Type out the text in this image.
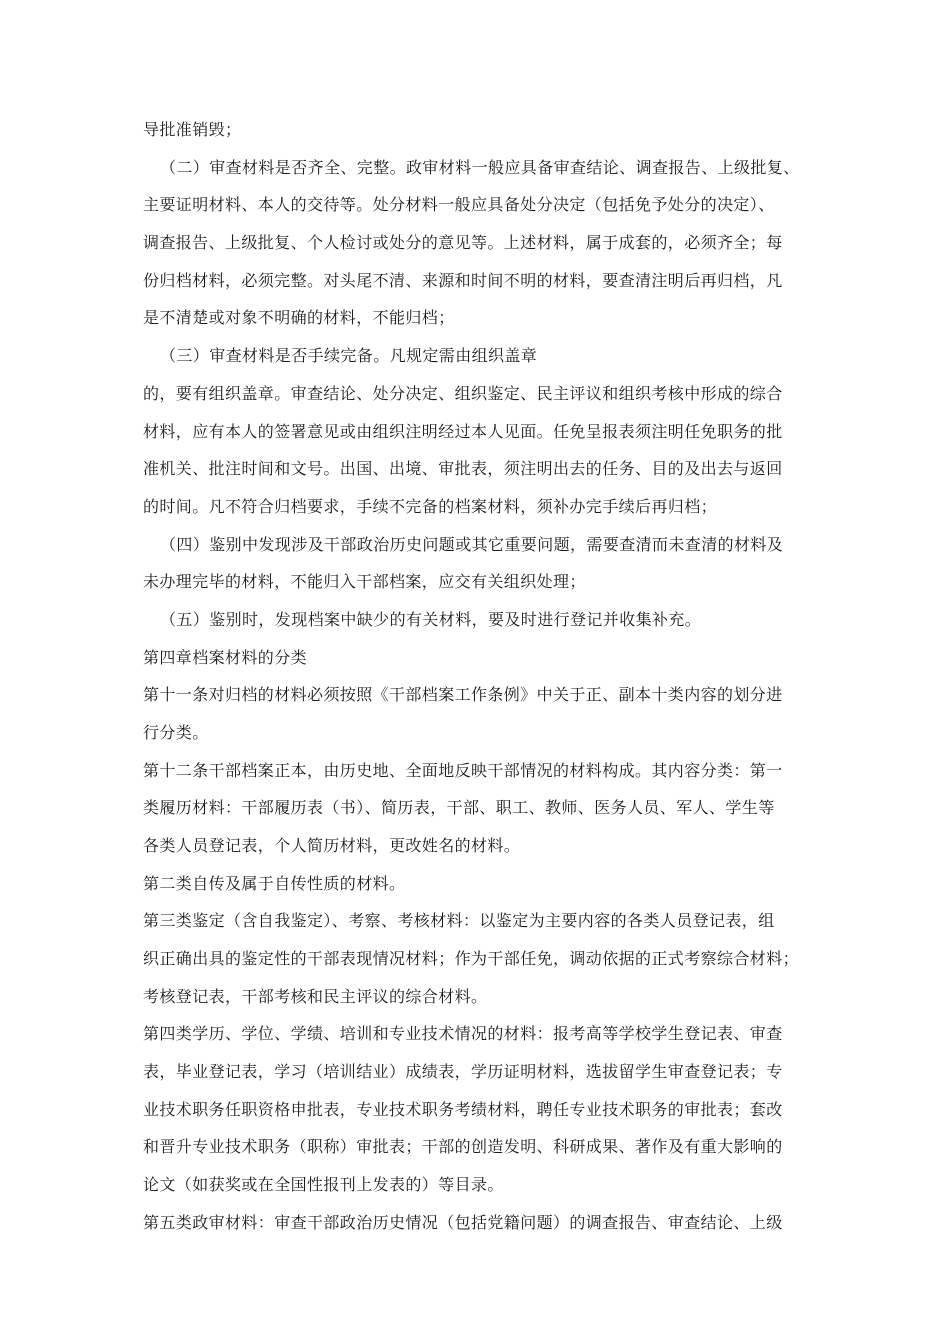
导批准销毁；
（二）审查材料是否齐全、完整。政审材料一般应具备审查结论、调查报告、上级批复、
主要证明材料、本人的交待等。处分材料一般应具备处分决定（包括免予处分的决定）、
调查报告、上级批复、个人检讨或处分的意见等。上述材料，属于成套的，必须齐全；每
份归档材料，必须完整。对头尾不清、来源和时间不明的材料，要查清注明后再归档，凡
是不清楚或对象不明确的材料，不能归档；
（三）审查材料是否手续完备。凡规定需由组织盖章
的，要有组织盖章。审查结论、处分决定、组织鉴定、民主评议和组织考核中形成的综合
材料，应有本人的签署意见或由组织注明经过本人见面。任免呈报表须注明任免职务的批
准机关、批注时间和文号。出国、出境、审批表，须注明出去的任务、目的及出去与返回
的时间。凡不符合归档要求，手续不完备的档案材料，须补办完手续后再归档；
（四）鉴别中发现涉及干部政治历史问题或其它重要问题，需要查清而未查清的材料及
未办理完毕的材料，不能归入干部档案，应交有关组织处理；
（五）鉴别时，发现档案中缺少的有关材料，要及时进行登记并收集补充。
第四章档案材料的分类
第十一条对归档的材料必须按照《干部档案工作条例》中关于正、副本十类内容的划分进
行分类。
第十二条干部档案正本，由历史地、全面地反映干部情况的材料构成。其内容分类：第一
类履历材料：干部履历表（书）、简历表，干部、职工、教师、医务人员、军人、学生等
各类人员登记表，个人简历材料，更改姓名的材料。
第二类自传及属于自传性质的材料。
第三类鉴定（含自我鉴定）、考察、考核材料：以鉴定为主要内容的各类人员登记表，组
织正确出具的鉴定性的干部表现情况材料；作为干部任免，调动依据的正式考察综合材料；
考核登记表，干部考核和民主评议的综合材料。
第四类学历、学位、学绩、培训和专业技术情况的材料：报考高等学校学生登记表、审查
表，毕业登记表，学习（培训结业）成绩表，学历证明材料，选拔留学生审查登记表；专
业技术职务任职资格申批表，专业技术职务考绩材料，聘任专业技术职务的审批表；套改
和晋升专业技术职务（职称）审批表；干部的创造发明、科研成果、著作及有重大影响的
论文（如获奖或在全国性报刊上发表的）等目录。
第五类政审材料：审查干部政治历史情况（包括党籍问题）的调查报告、审查结论、上级
